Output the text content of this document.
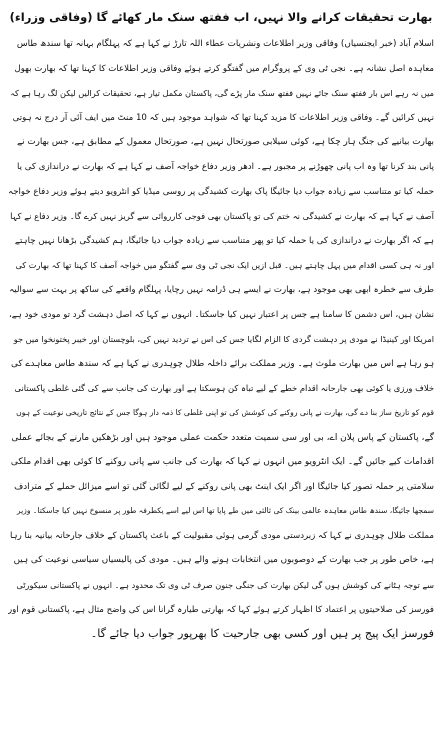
بھارت تحقیقات کرانے والا نہیں، اب ففتھ سنک مار کھائے گا (وفاقی وزراء)
اسلام آباد (خبر ایجنسیاں) وفاقی وزیر اطلاعات ونشریات عطاء اللہ تارڑ نے کہا ہے کہ پہلگام بہانہ تھا سندھ طاس
معاہدہ اصل نشانہ ہے۔ نجی ٹی وی کے پروگرام میں گفتگو کرتے ہوئے وفاقی وزیر اطلاعات کا کہنا تھا کہ بھارت بھول
میں نہ رہے اس بار ففتھ سنک جائے نہیں ففتھ سنک مار پڑے گی، پاکستان مکمل تیار ہے، تحقیقات کرالیں لیکن لگ رہا ہے کہ
نہیں کرائیں گے۔ وفاقی وزیر اطلاعات کا مزید کہنا تھا کہ شواہد موجود ہیں کہ 10 منٹ میں ایف آئی آر درج نہ ہوتی
بھارت بیانیے کی جنگ ہار چکا ہے، کوئی سیلابی صورتحال نہیں ہے، صورتحال معمول کے مطابق ہے، جس بھارت نے
پانی بند کرنا تھا وہ اب پانی چھوڑنے پر مجبور ہے۔ ادھر وزیر دفاع خواجہ آصف نے کہا ہے کہ بھارت نے دراندازی کی یا
حملہ کیا تو متناسب سے زیادہ جواب دیا جائیگا پاک بھارت کشیدگی پر روسی میڈیا کو انٹرویو دیتے ہوئے وزیر دفاع خواجہ
آصف نے کہا ہے کہ بھارت نے کشیدگی نہ ختم کی تو پاکستان بھی فوجی کارروائی سے گریز نہیں کرے گا۔ وزیر دفاع نے کہا
ہے کہ اگر بھارت نے دراندازی کی یا حملہ کیا تو پھر متناسب سے زیادہ جواب دیا جائیگا، ہم کشیدگی بڑھانا نہیں چاہتے
اور نہ ہی کسی اقدام میں پہل چاہتے ہیں۔ قبل ازیں ایک نجی ٹی وی سے گفتگو میں خواجہ آصف کا کہنا تھا کہ بھارت کی
طرف سے خطرہ ابھی بھی موجود ہے، بھارت نے ایسے ہی ڈرامہ نہیں رچایا، پہلگام واقعے کی ساکھ پر بہت سے سوالیہ
نشان ہیں، اس دشمن کا سامنا ہے جس پر اعتبار نہیں کیا جاسکتا۔ انہوں نے کہا کہ اصل دہشت گرد تو مودی خود ہے،
امریکا اور کینیڈا نے مودی پر دہشت گردی کا الزام لگایا جس کی اس نے تردید نہیں کی، بلوچستان اور خیبر پختونخوا میں جو
ہو رہا ہے اس میں بھارت ملوث ہے۔ وزیر مملکت برائے داخلہ طلال چوہدری نے کہا ہے کہ سندھ طاس معاہدے کی
خلاف ورزی یا کوئی بھی جارحانہ اقدام خطے کے لیے تباہ کن ہوسکتا ہے اور بھارت کی جانب سے کی گئی غلطی پاکستانی
قوم کو تاریخ ساز بنا دے گی، بھارت نے پانی روکنے کی کوشش کی تو اپنی غلطی کا ذمہ دار ہوگا جس کے نتائج تاریخی نوعیت کے ہوں
گے، پاکستان کے پاس پلان اے، بی اور سی سمیت متعدد حکمت عملی موجود ہیں اور بڑھکیں مارنے کے بجائے عملی
اقدامات کیے جائیں گے۔ ایک انٹرویو میں انہوں نے کہا کہ بھارت کی جانب سے پانی روکنے کا کوئی بھی اقدام ملکی
سلامتی پر حملہ تصور کیا جائیگا اور اگر ایک اینٹ بھی پانی روکنے کے لیے لگائی گئی تو اسے میزائل حملے کے مترادف
سمجھا جائیگا، سندھ طاس معاہدہ عالمی بینک کی ثالثی میں طے پایا تھا اس لیے اسے یکطرفہ طور پر منسوخ نہیں کیا جاسکتا۔ وزیر
مملکت طلال چوہدری نے کہا کہ زبردستی مودی گرمی ہوئی مقبولیت کے باعث پاکستان کے خلاف جارحانہ بیانیہ بنا رہا
ہے، خاص طور پر جب بھارت کے دوصوبوں میں انتخابات ہونے والے ہیں۔ مودی کی پالیسیاں سیاسی نوعیت کی ہیں
سے توجہ ہٹانے کی کوشش ہوں گی لیکن بھارت کی جنگی جنون صرف ٹی وی تک محدود ہے۔ انہوں نے پاکستانی سیکورٹی
فورسز کی صلاحیتوں پر اعتماد کا اظہار کرتے ہوئے کہا کہ بھارتی طیارہ گرانا اس کی واضح مثال ہے، پاکستانی قوم اور
فورسز ایک پیج پر ہیں اور کسی بھی جارحیت کا بھرپور جواب دیا جائے گا۔
